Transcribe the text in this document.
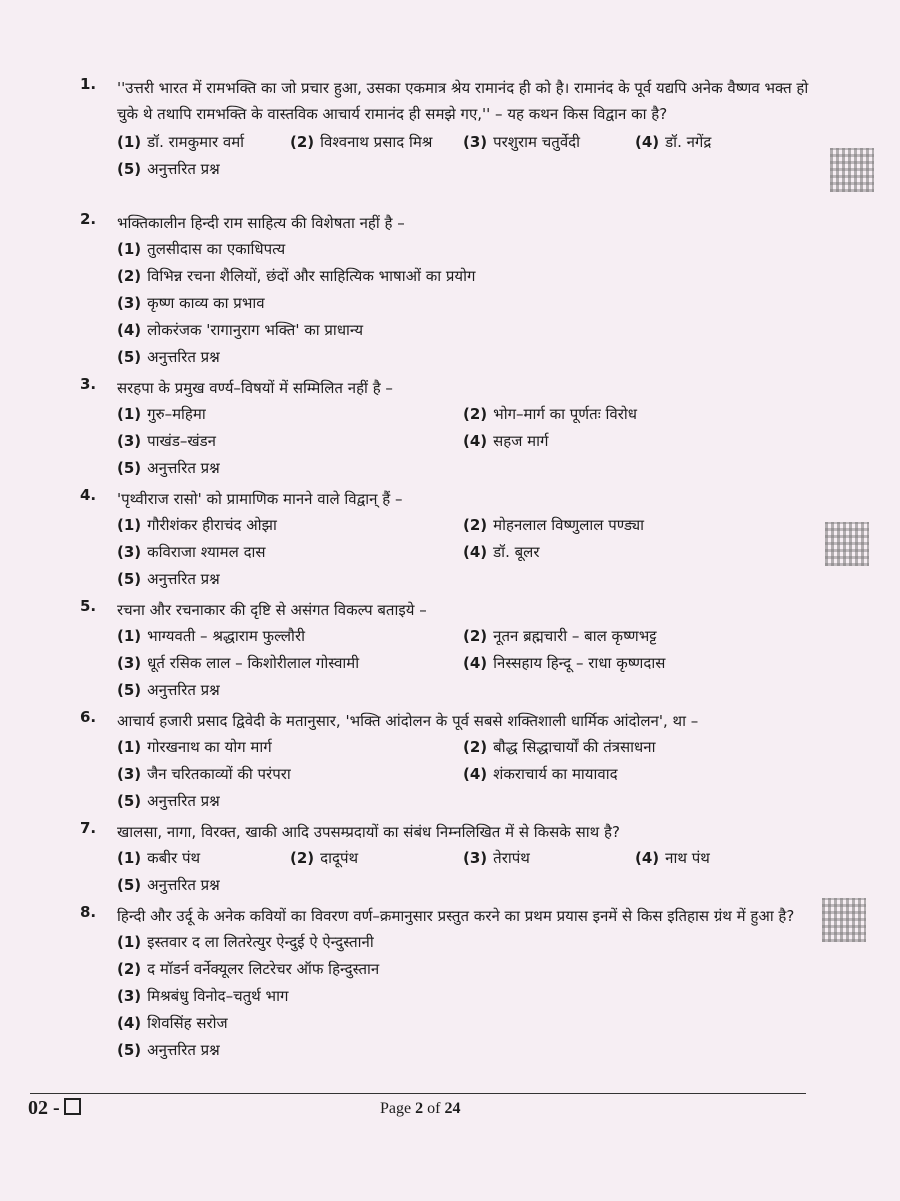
1.	''उत्तरी भारत में रामभक्ति का जो प्रचार हुआ, उसका एकमात्र श्रेय रामानंद ही को है। रामानंद के पूर्व यद्यपि अनेक वैष्णव भक्त हो चुके थे तथापि रामभक्ति के वास्तविक आचार्य रामानंद ही समझे गए,'' – यह कथन किस विद्वान का है?
(1) डॉ. रामकुमार वर्मा	(2) विश्वनाथ प्रसाद मिश्र (3) परशुराम चतुर्वेदी	(4) डॉ. नगेंद्र
(5) अनुत्तरित प्रश्न
2.	भक्तिकालीन हिन्दी राम साहित्य की विशेषता नहीं है –
(1) तुलसीदास का एकाधिपत्य
(2) विभिन्न रचना शैलियों, छंदों और साहित्यिक भाषाओं का प्रयोग
(3) कृष्ण काव्य का प्रभाव
(4) लोकरंजक 'रागानुराग भक्ति' का प्राधान्य
(5) अनुत्तरित प्रश्न
3.	सरहपा के प्रमुख वर्ण्य–विषयों में सम्मिलित नहीं है –
(1) गुरु–महिमा	(2) भोग–मार्ग का पूर्णतः विरोध
(3) पाखंड–खंडन	(4) सहज मार्ग
(5) अनुत्तरित प्रश्न
4.	'पृथ्वीराज रासो' को प्रामाणिक मानने वाले विद्वान् हैं –
(1) गौरीशंकर हीराचंद ओझा	(2) मोहनलाल विष्णुलाल पण्ड्या
(3) कविराजा श्यामल दास	(4) डॉ. बूलर
(5) अनुत्तरित प्रश्न
5.	रचना और रचनाकार की दृष्टि से असंगत विकल्प बताइये –
(1) भाग्यवती – श्रद्धाराम फुल्लौरी	(2) नूतन ब्रह्मचारी – बाल कृष्णभट्ट
(3) धूर्त रसिक लाल – किशोरीलाल गोस्वामी	(4) निस्सहाय हिन्दू – राधा कृष्णदास
(5) अनुत्तरित प्रश्न
6.	आचार्य हजारी प्रसाद द्विवेदी के मतानुसार, 'भक्ति आंदोलन के पूर्व सबसे शक्तिशाली धार्मिक आंदोलन', था –
(1) गोरखनाथ का योग मार्ग	(2) बौद्ध सिद्धाचार्यों की तंत्रसाधना
(3) जैन चरितकाव्यों की परंपरा	(4) शंकराचार्य का मायावाद
(5) अनुत्तरित प्रश्न
7.	खालसा, नागा, विरक्त, खाकी आदि उपसम्प्रदायों का संबंध निम्नलिखित में से किसके साथ है?
(1) कबीर पंथ	(2) दादूपंथ	(3) तेरापंथ	(4) नाथ पंथ
(5) अनुत्तरित प्रश्न
8.	हिन्दी और उर्दू के अनेक कवियों का विवरण वर्ण–क्रमानुसार प्रस्तुत करने का प्रथम प्रयास इनमें से किस इतिहास ग्रंथ में हुआ है?
(1) इस्तवार द ला लितरेत्युर ऐन्दुई ऐ ऐन्दुस्तानी
(2) द मॉडर्न वर्नेक्यूलर लिटरेचर ऑफ हिन्दुस्तान
(3) मिश्रबंधु विनोद–चतुर्थ भाग
(4) शिवसिंह सरोज
(5) अनुत्तरित प्रश्न
02 -	Page 2 of 24
